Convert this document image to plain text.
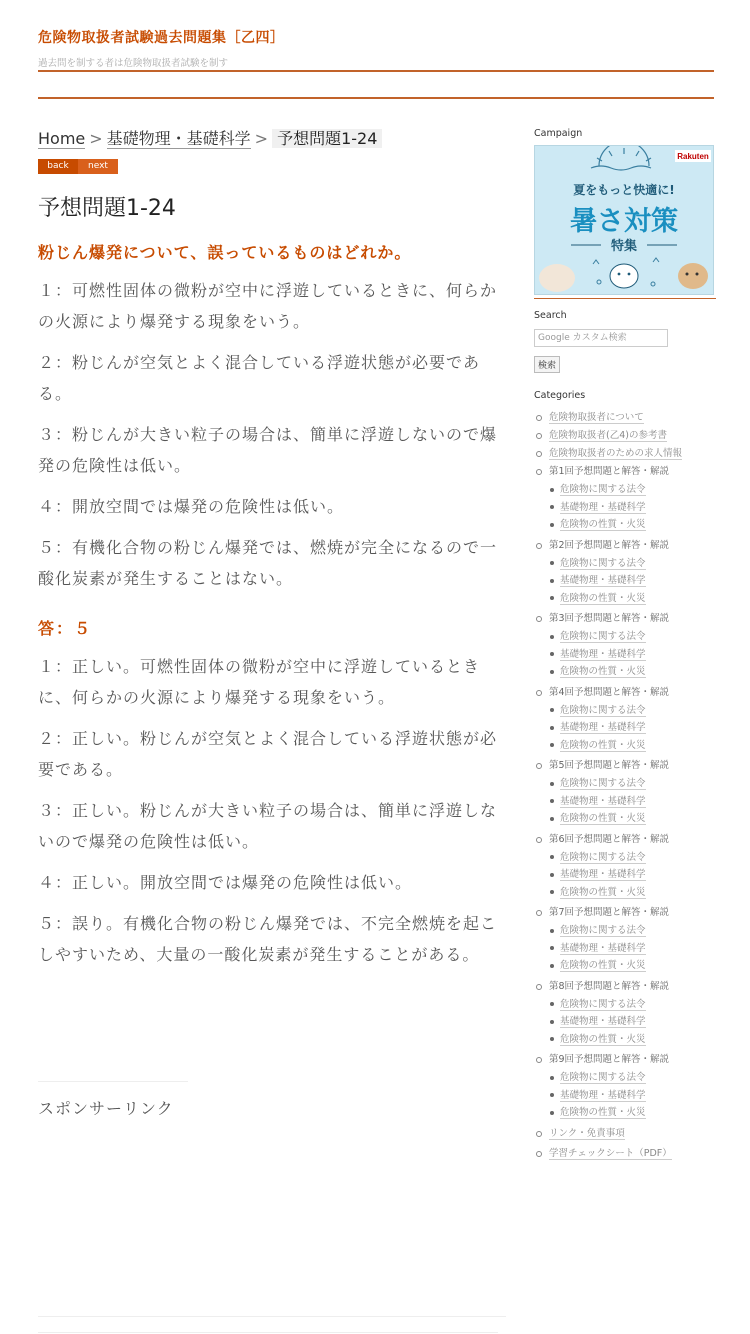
危険物取扱者試験過去問題集［乙四］
過去問を制する者は危険物取扱者試験を制す
Home > 基礎物理・基礎科学 > 予想問題1-24
back	next
予想問題1-24
粉じん爆発について、誤っているものはどれか。
１：可燃性固体の微粉が空中に浮遊しているときに、何らかの火源により爆発する現象をいう。
２：粉じんが空気とよく混合している浮遊状態が必要である。
３：粉じんが大きい粒子の場合は、簡単に浮遊しないので爆発の危険性は低い。
４：開放空間では爆発の危険性は低い。
５：有機化合物の粉じん爆発では、燃焼が完全になるので一酸化炭素が発生することはない。
答：５
１：正しい。可燃性固体の微粉が空中に浮遊しているときに、何らかの火源により爆発する現象をいう。
２：正しい。粉じんが空気とよく混合している浮遊状態が必要である。
３：正しい。粉じんが大きい粒子の場合は、簡単に浮遊しないので爆発の危険性は低い。
４：正しい。開放空間では爆発の危険性は低い。
５：誤り。有機化合物の粉じん爆発では、不完全燃焼を起こしやすいため、大量の一酸化炭素が発生することがある。
スポンサーリンク
Campaign
Rakuten
夏をもっと快適に!
暑さ対策
特集
Search
Google カスタム検索
検索
Categories
危険物取扱者について
危険物取扱者(乙4)の参考書
危険物取扱者のための求人情報
第1回予想問題と解答・解説
危険物に関する法令
基礎物理・基礎科学
危険物の性質・火災
第2回予想問題と解答・解説
危険物に関する法令
基礎物理・基礎科学
危険物の性質・火災
第3回予想問題と解答・解説
危険物に関する法令
基礎物理・基礎科学
危険物の性質・火災
第4回予想問題と解答・解説
危険物に関する法令
基礎物理・基礎科学
危険物の性質・火災
第5回予想問題と解答・解説
危険物に関する法令
基礎物理・基礎科学
危険物の性質・火災
第6回予想問題と解答・解説
危険物に関する法令
基礎物理・基礎科学
危険物の性質・火災
第7回予想問題と解答・解説
危険物に関する法令
基礎物理・基礎科学
危険物の性質・火災
第8回予想問題と解答・解説
危険物に関する法令
基礎物理・基礎科学
危険物の性質・火災
第9回予想問題と解答・解説
危険物に関する法令
基礎物理・基礎科学
危険物の性質・火災
リンク・免責事項
学習チェックシート（PDF）
